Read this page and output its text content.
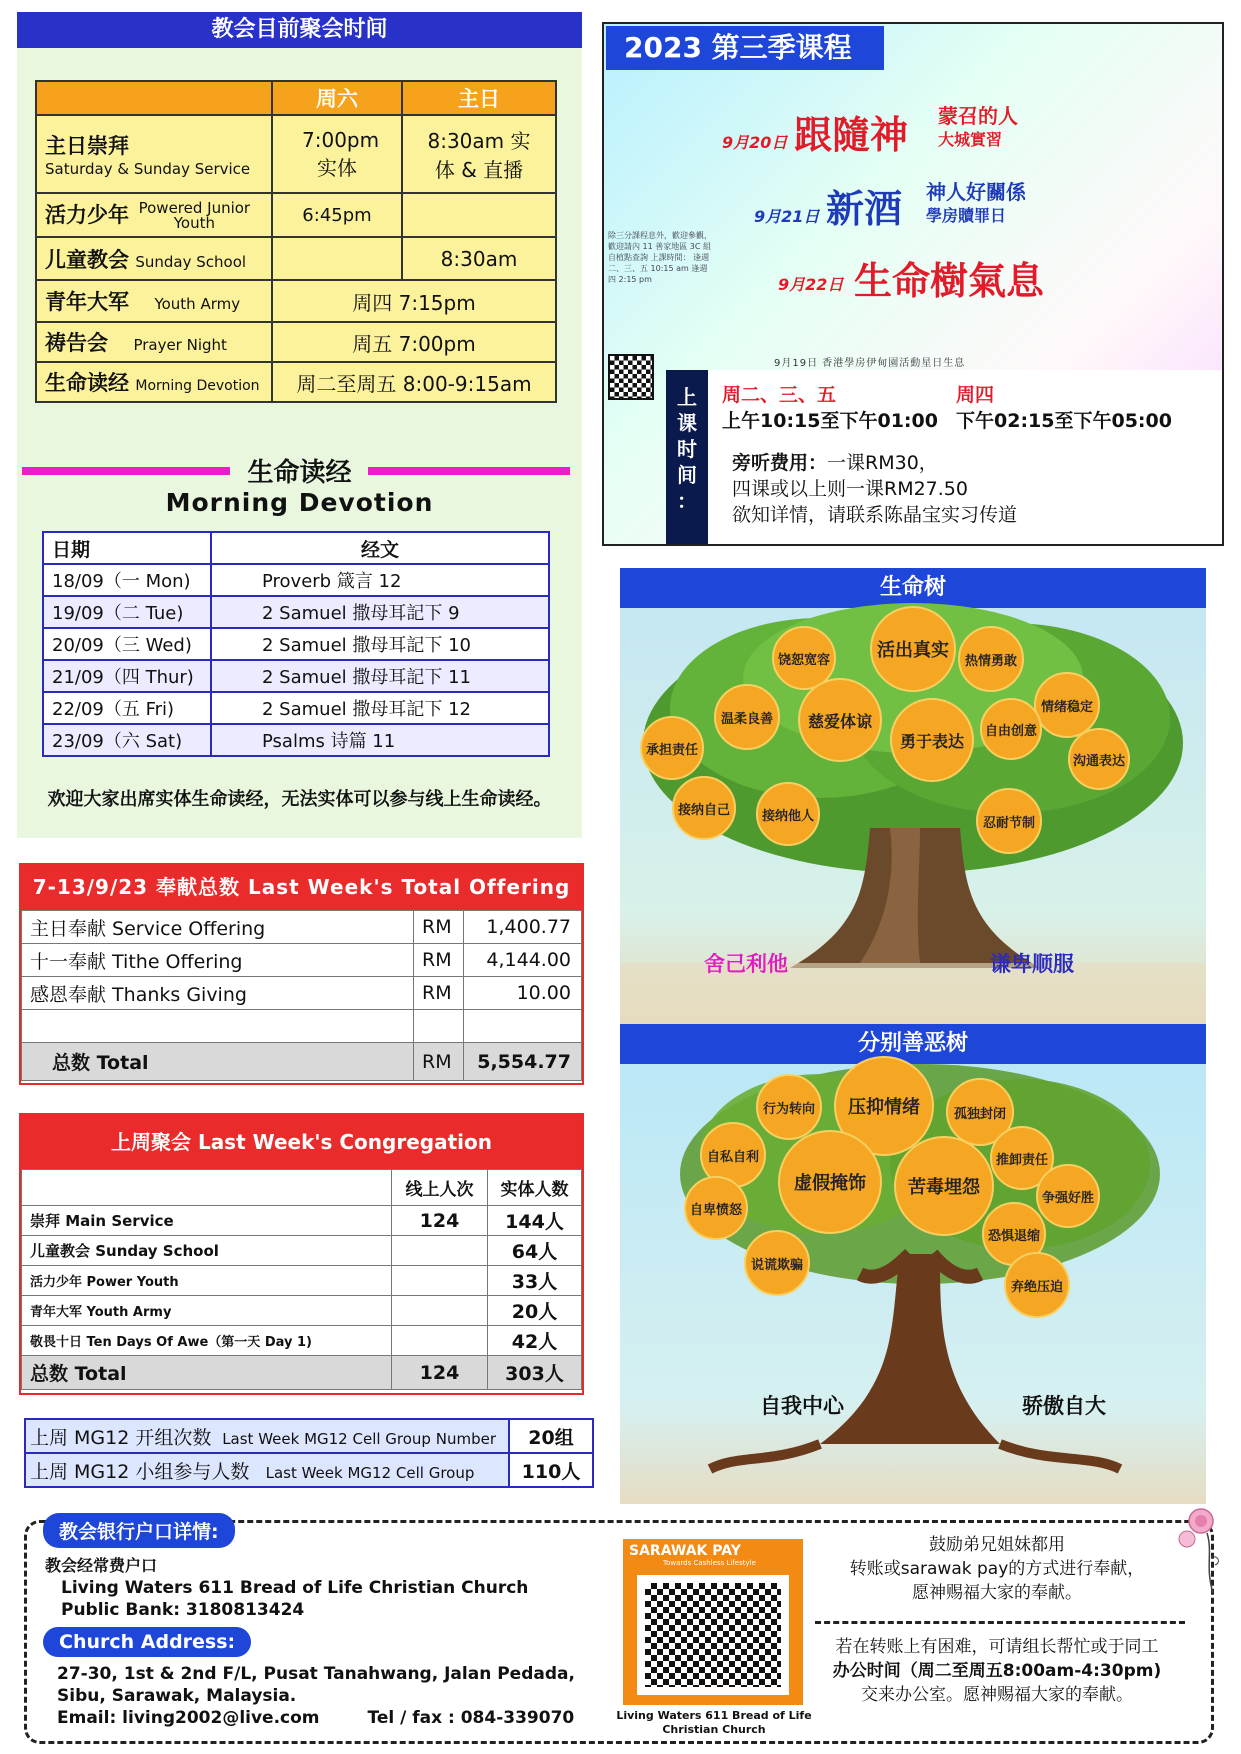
教会目前聚会时间
	周六	主日

主日崇拜
Saturday & Sunday Service	7:00pm 实体	8:30am 实体 & 直播

活力少年 Powered Junior Youth	6:45pm	
儿童教会 Sunday School		8:30am
青年大军 Youth Army	周四 7:15pm	
祷告会 Prayer Night	周五 7:00pm	
生命读经 Morning Devotion	周二至周五 8:00-9:15am	
生命读经
Morning Devotion
日期	经文
18/09（一 Mon)	Proverb 箴言 12
19/09（二 Tue)	2 Samuel 撒母耳記下 9
20/09（三 Wed)	2 Samuel 撒母耳記下 10
21/09（四 Thur)	2 Samuel 撒母耳記下 11
22/09（五 Fri)	2 Samuel 撒母耳記下 12
23/09（六 Sat)	Psalms 诗篇 11
欢迎大家出席实体生命读经，无法实体可以参与线上生命读经。
7-13/9/23 奉献总数 Last Week's Total Offering
主日奉献 Service Offering	RM	1,400.77
十一奉献 Tithe Offering	RM	4,144.00
感恩奉献 Thanks Giving	RM	10.00

总数 Total	RM	5,554.77
上周聚会 Last Week's Congregation
	线上人次	实体人数
崇拜 Main Service	124	144人
儿童教会 Sunday School		64人
活力少年 Power Youth		33人
青年大军 Youth Army		20人
敬畏十日 Ten Days Of Awe（第一天 Day 1)		42人
总数 Total	124	303人
上周 MG12 开组次数 Last Week MG12 Cell Group Number	20组
上周 MG12 小组参与人数 Last Week MG12 Cell Group	110人
2023 第三季课程
9月20日 跟隨神 蒙召的人
大城實習
9月21日 新酒 神人好關係
學房贖罪日
9月22日 生命樹氣息
除三分課程息外，歡迎參觀，歡迎請內 11 善家地區 3C 組自植點查詢 上課時間： 逢週二、三、五 10:15 am 逢週四 2:15 pm
9月19日 香港學房伊甸園活動星日生息
上
课
时
间
：
周二、三、五
上午10:15至下午01:00
周四
下午02:15至下午05:00
旁听费用：一课RM30，
四课或以上则一课RM27.50
欲知详情，请联系陈晶宝实习传道
生命树
饶恕宽容	活出真实	热情勇敢
温柔良善	慈爱体谅
情绪稳定
承担责任	勇于表达
自由创意
沟通表达
接纳自己	接纳他人	忍耐节制
舍己利他	谦卑顺服
分别善恶树
行为转向	压抑情绪	孤独封闭
自私自利	推卸责任
虚假掩饰	苦毒埋怨	争强好胜
自卑愤怒
恐惧退缩
说谎欺骗
弃绝压迫
自我中心	骄傲自大
教会银行户口详情:
教会经常费户口
Living Waters 611 Bread of Life Christian Church
Public Bank: 3180813424
Church Address:
27-30, 1st & 2nd F/L, Pusat Tanahwang, Jalan Pedada,
Sibu, Sarawak, Malaysia.
Email: living2002@live.com	Tel / fax : 084-339070
SARAWAK PAY
Towards Cashless Lifestyle
Living Waters 611 Bread of Life Christian Church
鼓励弟兄姐妹都用
转账或sarawak pay的方式进行奉献，
愿神赐福大家的奉献。
若在转账上有困难，可请组长帮忙或于同工
办公时间（周二至周五8:00am-4:30pm)
交来办公室。愿神赐福大家的奉献。
